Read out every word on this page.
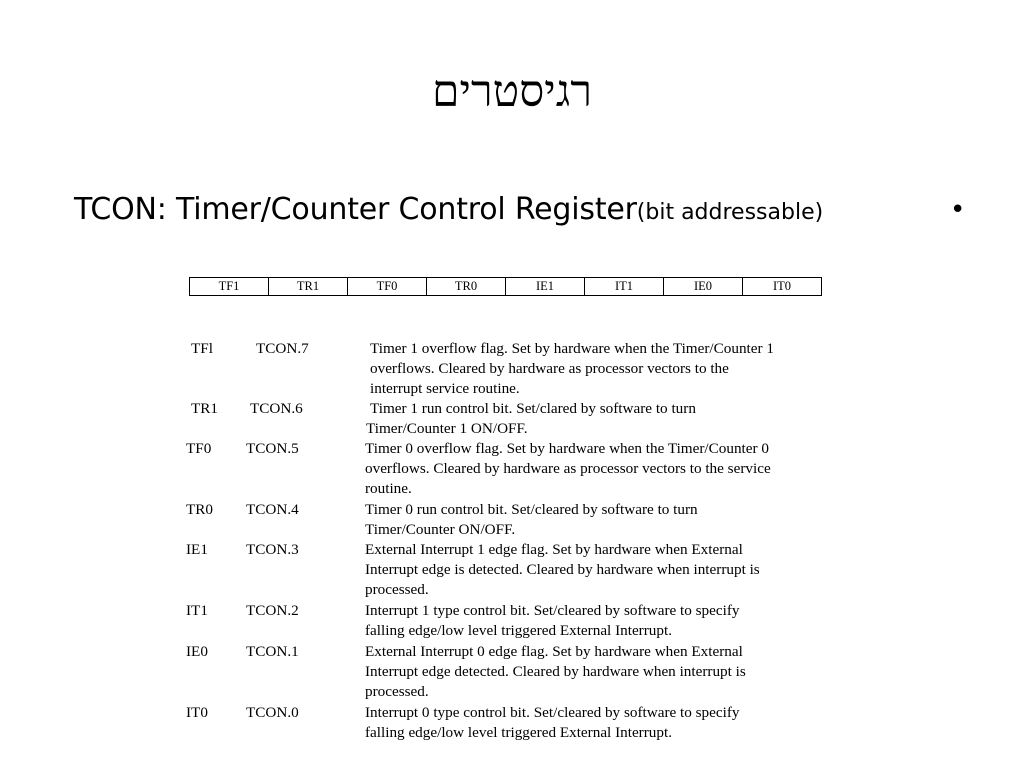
רגיסטרים
•
TCON: Timer/Counter Control Register(bit addressable)
TF1	TR1	TF0	TR0	IE1	IT1	IE0	IT0
TFl	TCON.7	Timer 1 overflow flag. Set by hardware when the Timer/Counter 1
overflows. Cleared by hardware as processor vectors to the
interrupt service routine.
TR1 TCON.6	Timer 1 run control bit. Set/clared by software to turn
Timer/Counter 1 ON/OFF.
TF0 TCON.5	Timer 0 overflow flag. Set by hardware when the Timer/Counter 0
overflows. Cleared by hardware as processor vectors to the service
routine.
TR0 TCON.4	Timer 0 run control bit. Set/cleared by software to turn
Timer/Counter ON/OFF.
IE1	TCON.3	External Interrupt 1 edge flag. Set by hardware when External
Interrupt edge is detected. Cleared by hardware when interrupt is
processed.
IT1	TCON.2	Interrupt 1 type control bit. Set/cleared by software to specify
falling edge/low level triggered External Interrupt.
IE0	TCON.1	External Interrupt 0 edge flag. Set by hardware when External
Interrupt edge detected. Cleared by hardware when interrupt is
processed.
IT0	TCON.0	Interrupt 0 type control bit. Set/cleared by software to specify
falling edge/low level triggered External Interrupt.
